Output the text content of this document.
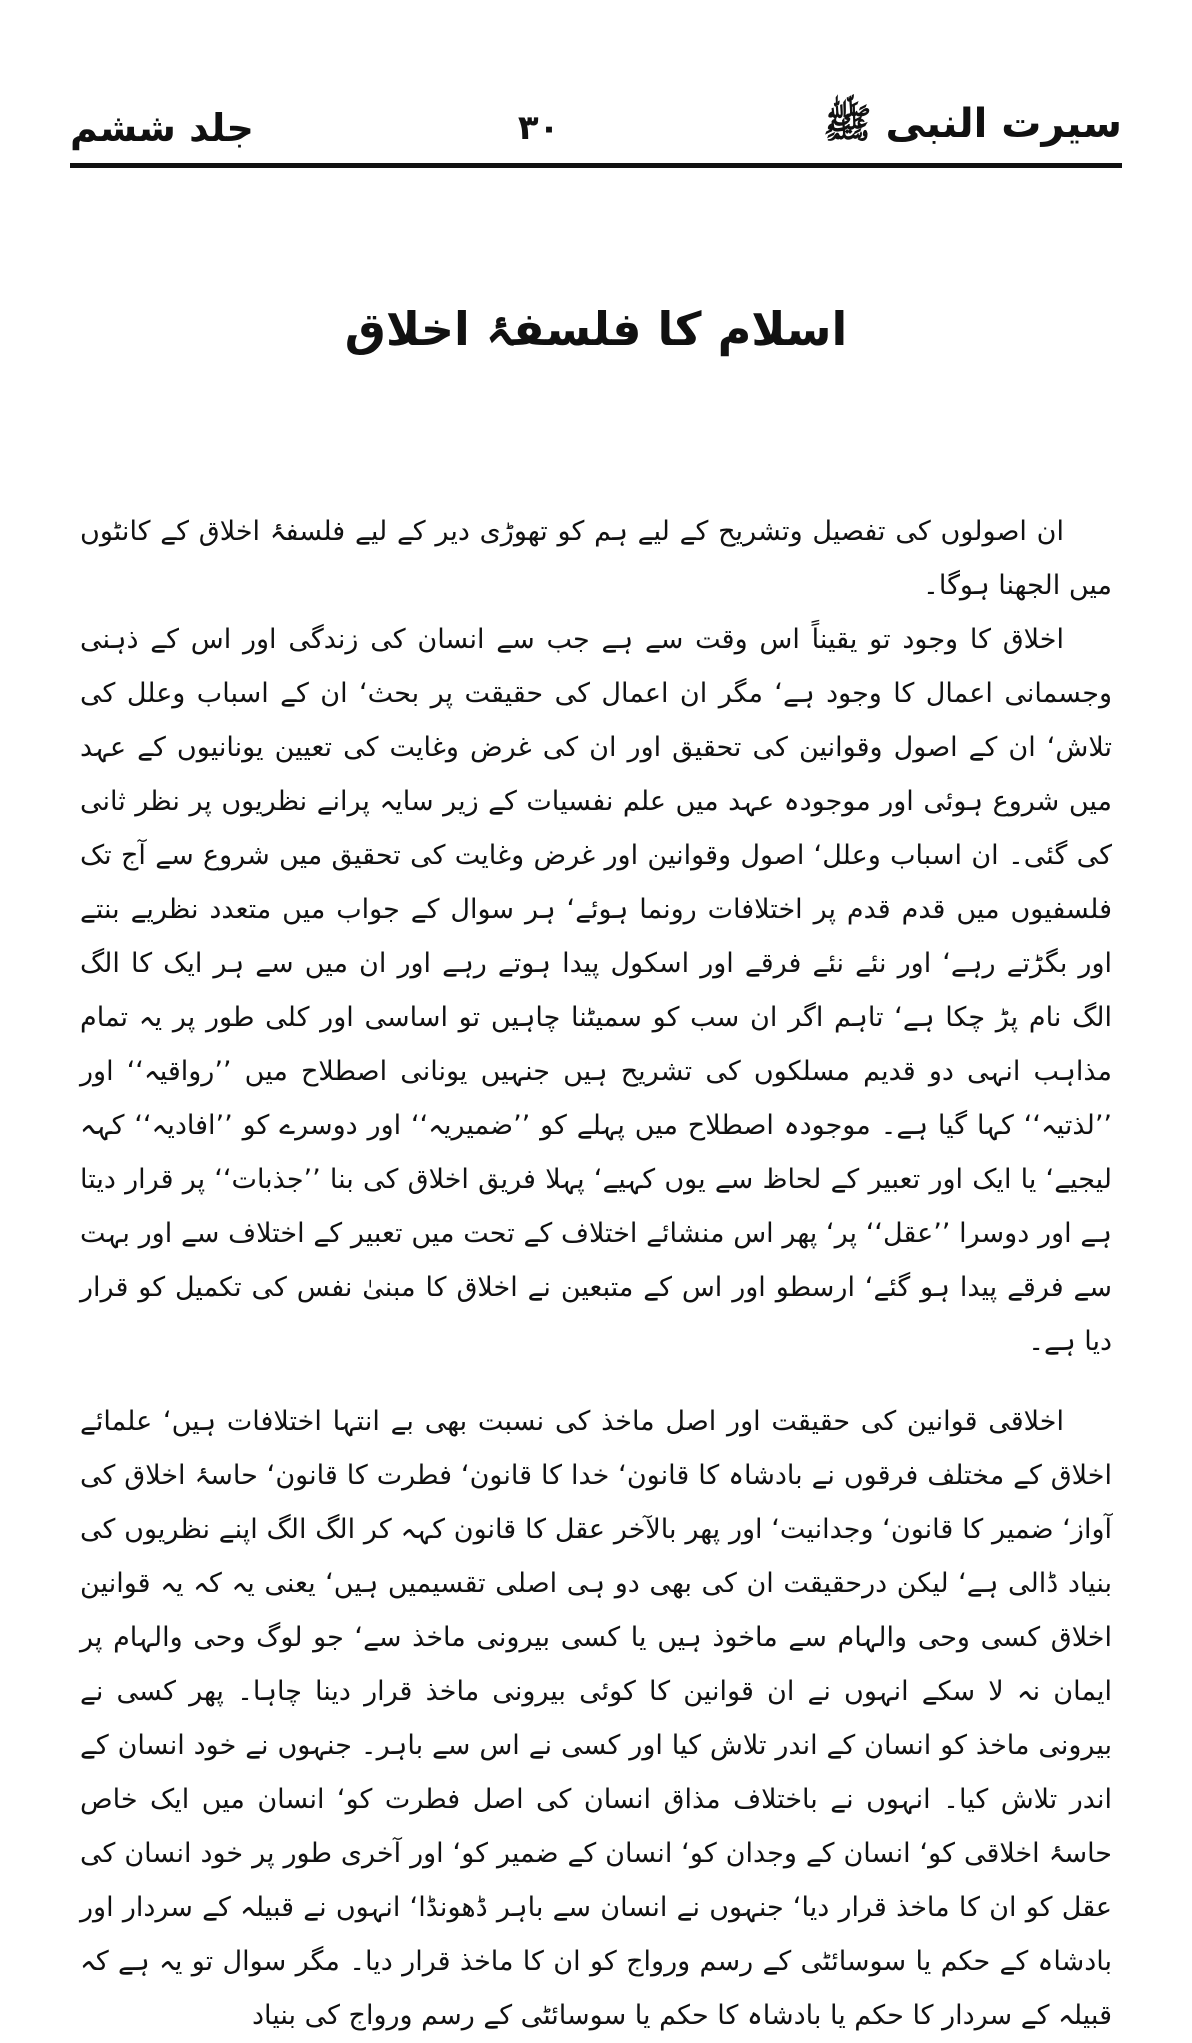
سیرت النبی ﷺ
۳۰
جلد ششم
اسلام کا فلسفۂ اخلاق

ان اصولوں کی تفصیل وتشریح کے لیے ہم کو تھوڑی دیر کے لیے فلسفۂ اخلاق کے کانٹوں میں الجھنا ہوگا۔

اخلاق کا وجود تو یقیناً اس وقت سے ہے جب سے انسان کی زندگی اور اس کے ذہنی وجسمانی اعمال کا وجود ہے‘ مگر ان اعمال کی حقیقت پر بحث‘ ان کے اسباب وعلل کی تلاش‘ ان کے اصول وقوانین کی تحقیق اور ان کی غرض وغایت کی تعیین یونانیوں کے عہد میں شروع ہوئی اور موجودہ عہد میں علم نفسیات کے زیر سایہ پرانے نظریوں پر نظر ثانی کی گئی۔ ان اسباب وعلل‘ اصول وقوانین اور غرض وغایت کی تحقیق میں شروع سے آج تک فلسفیوں میں قدم قدم پر اختلافات رونما ہوئے‘ ہر سوال کے جواب میں متعدد نظریے بنتے اور بگڑتے رہے‘ اور نئے نئے فرقے اور اسکول پیدا ہوتے رہے اور ان میں سے ہر ایک کا الگ الگ نام پڑ چکا ہے‘ تاہم اگر ان سب کو سمیٹنا چاہیں تو اساسی اور کلی طور پر یہ تمام مذاہب انہی دو قدیم مسلکوں کی تشریح ہیں جنہیں یونانی اصطلاح میں ’’رواقیہ‘‘ اور ’’لذتیہ‘‘ کہا گیا ہے۔ موجودہ اصطلاح میں پہلے کو ’’ضمیریہ‘‘ اور دوسرے کو ’’افادیہ‘‘ کہہ لیجیے‘ یا ایک اور تعبیر کے لحاظ سے یوں کہیے‘ پہلا فریق اخلاق کی بنا ’’جذبات‘‘ پر قرار دیتا ہے اور دوسرا ’’عقل‘‘ پر‘ پھر اس منشائے اختلاف کے تحت میں تعبیر کے اختلاف سے اور بہت سے فرقے پیدا ہو گئے‘ ارسطو اور اس کے متبعین نے اخلاق کا مبنیٰ نفس کی تکمیل کو قرار دیا ہے۔

اخلاقی قوانین کی حقیقت اور اصل ماخذ کی نسبت بھی بے انتہا اختلافات ہیں‘ علمائے اخلاق کے مختلف فرقوں نے بادشاہ کا قانون‘ خدا کا قانون‘ فطرت کا قانون‘ حاسۂ اخلاق کی آواز‘ ضمیر کا قانون‘ وجدانیت‘ اور پھر بالآخر عقل کا قانون کہہ کر الگ الگ اپنے نظریوں کی بنیاد ڈالی ہے‘ لیکن درحقیقت ان کی بھی دو ہی اصلی تقسیمیں ہیں‘ یعنی یہ کہ یہ قوانین اخلاق کسی وحی والہام سے ماخوذ ہیں یا کسی بیرونی ماخذ سے‘ جو لوگ وحی والہام پر ایمان نہ لا سکے انہوں نے ان قوانین کا کوئی بیرونی ماخذ قرار دینا چاہا۔ پھر کسی نے بیرونی ماخذ کو انسان کے اندر تلاش کیا اور کسی نے اس سے باہر۔ جنہوں نے خود انسان کے اندر تلاش کیا۔ انہوں نے باختلاف مذاق انسان کی اصل فطرت کو‘ انسان میں ایک خاص حاسۂ اخلاقی کو‘ انسان کے وجدان کو‘ انسان کے ضمیر کو‘ اور آخری طور پر خود انسان کی عقل کو ان کا ماخذ قرار دیا‘ جنہوں نے انسان سے باہر ڈھونڈا‘ انہوں نے قبیلہ کے سردار اور بادشاہ کے حکم یا سوسائٹی کے رسم ورواج کو ان کا ماخذ قرار دیا۔ مگر سوال تو یہ ہے کہ قبیلہ کے سردار کا حکم یا بادشاہ کا حکم یا سوسائٹی کے رسم ورواج کی بنیاد
